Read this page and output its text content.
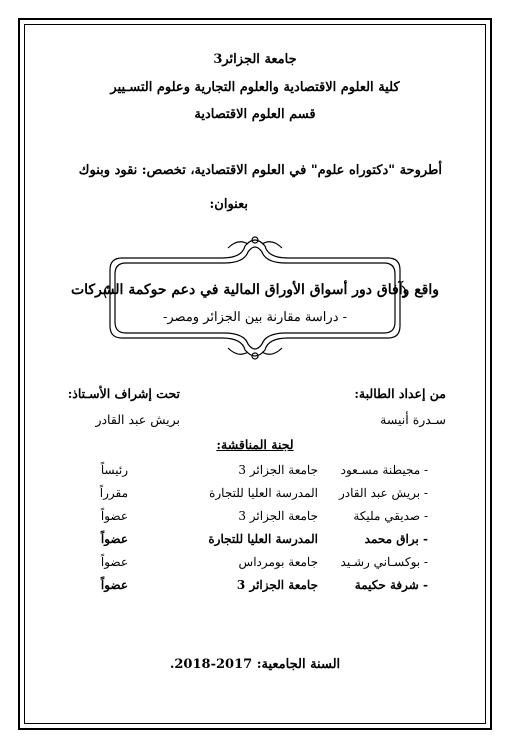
جامعة الجزائر3
كلية العلوم الاقتصادية والعلوم التجارية وعلوم التسـيير
قسم العلوم الاقتصادية
أطروحة "دكتوراه علوم" في العلوم الاقتصادية، تخصص: نقود وبنوك
بعنوان:
واقع وآفاق دور أسواق الأوراق المالية في دعم حوكمة الشركات
- دراسة مقارنة بين الجزائر ومصر-
من إعداد الطالبة:
تحت إشراف الأسـتاذ:
سـدرة أنيسة
بريش عبد القادر
لجنة المناقشة:
- مجيطنة مسـعود
جامعة الجزائر 3
رئيساً
- بريش عبد القادر
المدرسة العليا للتجارة
مقرراً
- صديقي مليكة
جامعة الجزائر 3
عضواً
- براق محمد
المدرسة العليا للتجارة
عضواً
- بوكسـاني رشـيد
جامعة بومرداس
عضواً
- شرفة حكيمة
جامعة الجزائر 3
عضواً
السنة الجامعية: 2017-2018.
